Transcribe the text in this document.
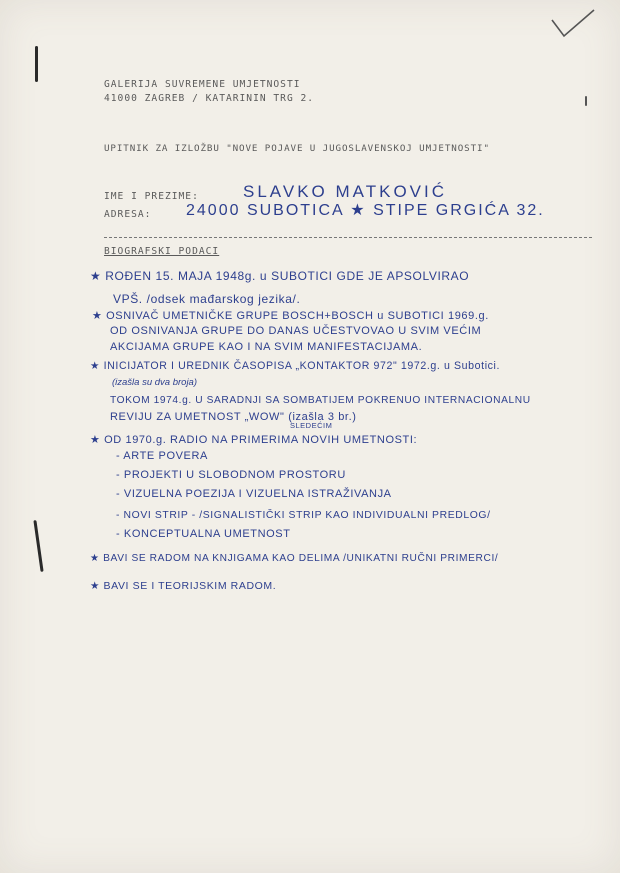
GALERIJA SUVREMENE UMJETNOSTI
41000 ZAGREB / KATARININ TRG 2.
UPITNIK ZA IZLOŽBU "NOVE POJAVE U JUGOSLAVENSKOJ UMJETNOSTI"
IME I PREZIME:	SLAVKO MATKOVIĆ
ADRESA: 24000 SUBOTICA ★ STIPE GRGIĆA 32.
BIOGRAFSKI PODACI
★ ROĐEN 15. MAJA 1948g. u SUBOTICI GDE JE APSOLVIRAO
VPŠ. /odsek mađarskog jezika/.
★ OSNIVAČ UMETNIČKE GRUPE BOSCH+BOSCH u SUBOTICI 1969.g.
OD OSNIVANJA GRUPE DO DANAS UČESTVOVAO U SVIM VEĆIM
AKCIJAMA GRUPE KAO I NA SVIM MANIFESTACIJAMA.
★ INICIJATOR I UREDNIK ČASOPISA „KONTAKTOR 972" 1972.g. u Subotici.
(izašla su dva broja)
TOKOM 1974.g. U SARADNJI SA SOMBATIJEM POKRENUO INTERNACIONALNU
REVIJU ZA UMETNOST „WOW" (izašla 3 br.)
SLEDEĆIM
★ OD 1970.g. RADIO NA PRIMERIMA NOVIH UMETNOSTI:
- ARTE POVERA
- PROJEKTI U SLOBODNOM PROSTORU
- VIZUELNA POEZIJA I VIZUELNA ISTRAŽIVANJA
- NOVI STRIP - /SIGNALISTIČKI STRIP KAO INDIVIDUALNI PREDLOG/
- KONCEPTUALNA UMETNOST
★ BAVI SE RADOM NA KNJIGAMA KAO DELIMA /UNIKATNI RUČNI PRIMERCI/
★ BAVI SE I TEORIJSKIM RADOM.
